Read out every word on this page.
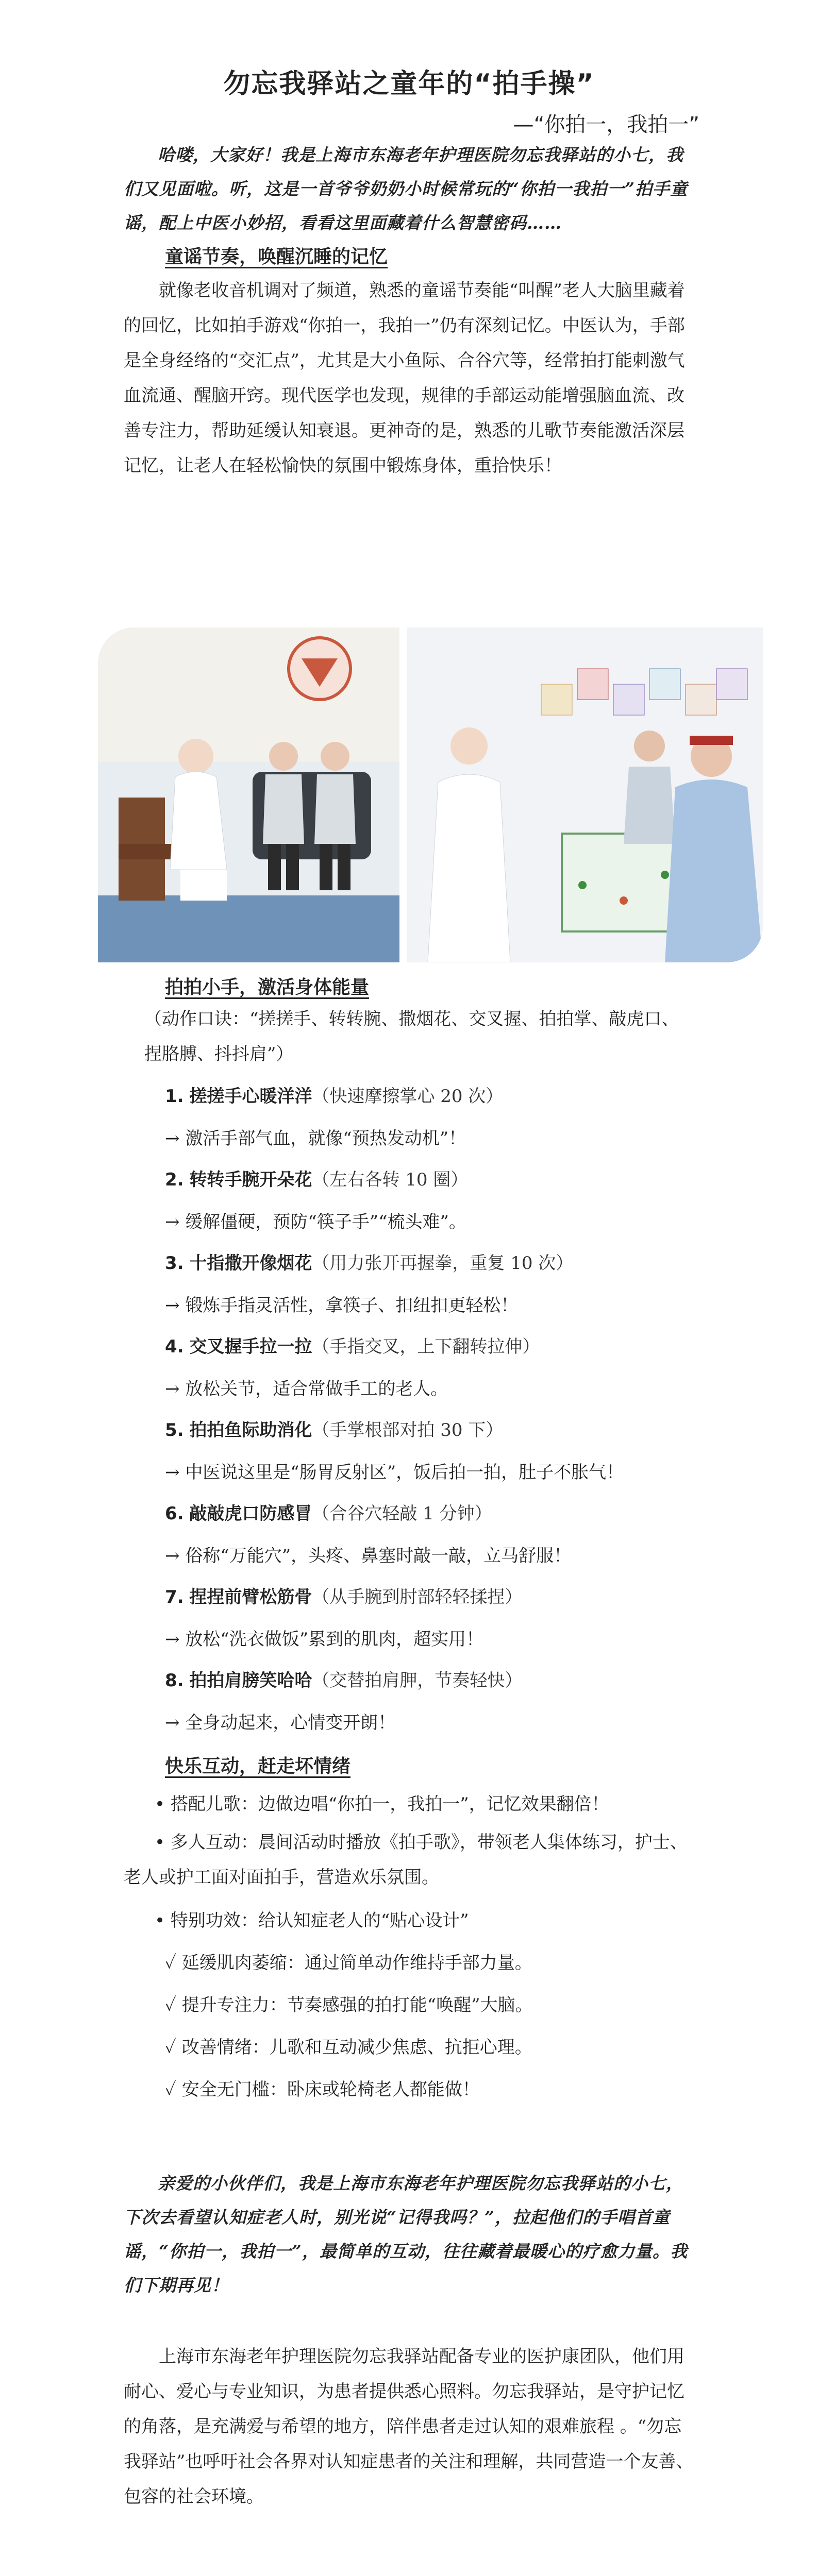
勿忘我驿站之童年的“拍手操”
—“你拍一，我拍一”
哈喽，大家好！我是上海市东海老年护理医院勿忘我驿站的小七，我们又见面啦。听，这是一首爷爷奶奶小时候常玩的“你拍一我拍一”拍手童谣，配上中医小妙招，看看这里面藏着什么智慧密码……
童谣节奏，唤醒沉睡的记忆
就像老收音机调对了频道，熟悉的童谣节奏能“叫醒”老人大脑里藏着的回忆，比如拍手游戏“你拍一，我拍一”仍有深刻记忆。中医认为，手部是全身经络的“交汇点”，尤其是大小鱼际、合谷穴等，经常拍打能刺激气血流通、醒脑开窍。现代医学也发现，规律的手部运动能增强脑血流、改善专注力，帮助延缓认知衰退。更神奇的是，熟悉的儿歌节奏能激活深层记忆，让老人在轻松愉快的氛围中锻炼身体，重拾快乐！
拍拍小手，激活身体能量
（动作口诀：“搓搓手、转转腕、撒烟花、交叉握、拍拍掌、敲虎口、捏胳膊、抖抖肩”）
1. 搓搓手心暖洋洋（快速摩擦掌心 20 次）
→ 激活手部气血，就像“预热发动机”！
2. 转转手腕开朵花（左右各转 10 圈）
→ 缓解僵硬，预防“筷子手”“梳头难”。
3. 十指撒开像烟花（用力张开再握拳，重复 10 次）
→ 锻炼手指灵活性，拿筷子、扣纽扣更轻松！
4. 交叉握手拉一拉（手指交叉，上下翻转拉伸）
→ 放松关节，适合常做手工的老人。
5. 拍拍鱼际助消化（手掌根部对拍 30 下）
→ 中医说这里是“肠胃反射区”，饭后拍一拍，肚子不胀气！
6. 敲敲虎口防感冒（合谷穴轻敲 1 分钟）
→ 俗称“万能穴”，头疼、鼻塞时敲一敲，立马舒服！
7. 捏捏前臂松筋骨（从手腕到肘部轻轻揉捏）
→ 放松“洗衣做饭”累到的肌肉，超实用！
8. 拍拍肩膀笑哈哈（交替拍肩胛，节奏轻快）
→ 全身动起来，心情变开朗！
快乐互动，赶走坏情绪
• 搭配儿歌：边做边唱“你拍一，我拍一”，记忆效果翻倍！
• 多人互动：晨间活动时播放《拍手歌》，带领老人集体练习，护士、老人或护工面对面拍手，营造欢乐氛围。
• 特别功效：给认知症老人的“贴心设计”
✓ 延缓肌肉萎缩：通过简单动作维持手部力量。
✓ 提升专注力：节奏感强的拍打能“唤醒”大脑。
✓ 改善情绪：儿歌和互动减少焦虑、抗拒心理。
✓ 安全无门槛：卧床或轮椅老人都能做！
亲爱的小伙伴们，我是上海市东海老年护理医院勿忘我驿站的小七，下次去看望认知症老人时，别光说“记得我吗？”，拉起他们的手唱首童谣，“你拍一，我拍一”，最简单的互动，往往藏着最暖心的疗愈力量。我们下期再见！
上海市东海老年护理医院勿忘我驿站配备专业的医护康团队，他们用耐心、爱心与专业知识，为患者提供悉心照料。勿忘我驿站，是守护记忆的角落，是充满爱与希望的地方，陪伴患者走过认知的艰难旅程 。“勿忘我驿站”也呼吁社会各界对认知症患者的关注和理解，共同营造一个友善、包容的社会环境。
